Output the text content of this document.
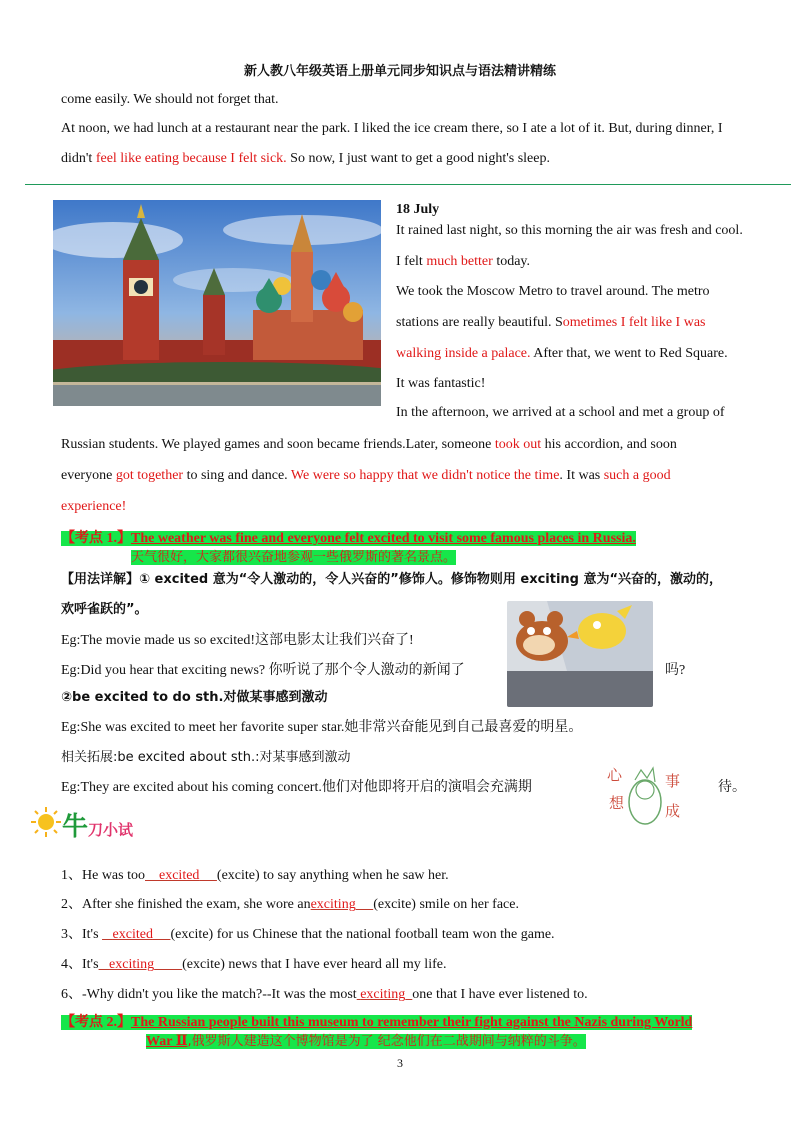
新人教八年级英语上册单元同步知识点与语法精讲精练
come easily. We should not forget that.
At noon, we had lunch at a restaurant near the park. I liked the ice cream there, so I ate a lot of it. But, during dinner, I
didn't feel like eating because I felt sick. So now, I just want to get a good night's sleep.
18 July
It rained last night, so this morning the air was fresh and cool.
I felt much better today.
We took the Moscow Metro to travel around. The metro
stations are really beautiful. Sometimes I felt like I was
walking inside a palace. After that, we went to Red Square.
It was fantastic!
In the afternoon, we arrived at a school and met a group of
Russian students. We played games and soon became friends.Later, someone took out his accordion, and soon
everyone got together to sing and dance. We were so happy that we didn't notice the time. It was such a good
experience!
【考点 1.】The weather was fine and everyone felt excited to visit some famous places in Russia.
天气很好，大家都很兴奋地参观一些俄罗斯的著名景点。
【用法详解】① excited 意为“令人激动的，令人兴奋的”修饰人。修饰物则用 exciting 意为“兴奋的，激动的，
欢呼雀跃的”。
Eg:The movie made us so excited!这部电影太让我们兴奋了!
Eg:Did you hear that exciting news? 你听说了那个令人激动的新闻了	吗?
②be excited to do sth.对做某事感到激动
Eg:She was excited to meet her favorite super star.她非常兴奋能见到自己最喜爱的明星。
相关拓展:be excited about sth.:对某事感到激动
Eg:They are excited about his coming concert.他们对他即将开启的演唱会充满期	待。
心
想
事
成
牛刀小试
1、He was too excited (excite) to say anything when he saw her.
2、After she finished the exam, she wore anexciting (excite) smile on her face.
3、It's    excited (excite) for us Chinese that the national football team won the game.
4、It's exciting (excite) news that I have ever heard all my life.
6、-Why didn't you like the match?--It was the most exciting one that I have ever listened to.
【考点 2.】The Russian people built this museum to remember their fight against the Nazis during World
War Ⅱ,俄罗斯人建造这个博物馆是为了 纪念他们在二战期间与纳粹的斗争。
3
